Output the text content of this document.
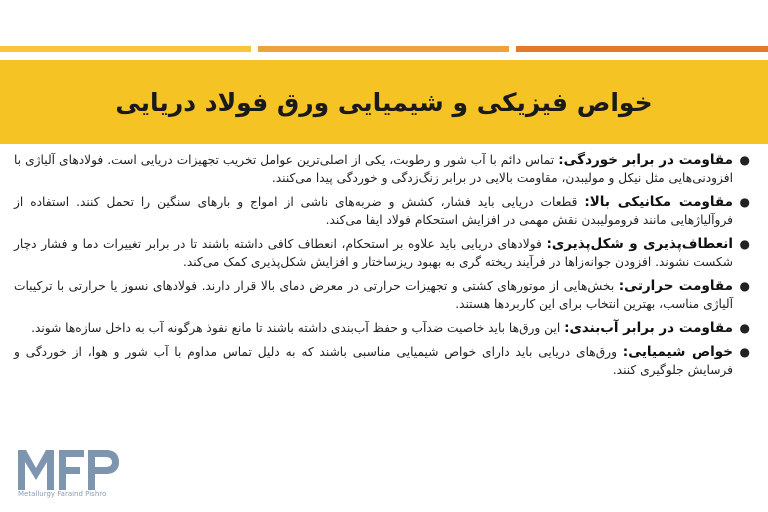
خواص فیزیکی و شیمیایی ورق فولاد دریایی

●
مقاومت در برابر خوردگی: تماس دائم با آب شور و رطوبت، یکی از اصلی‌ترین عوامل تخریب تجهیزات دریایی است. فولادهای آلیاژی با افزودنی‌هایی مثل نیکل و مولیبدن، مقاومت بالایی در برابر زنگ‌زدگی و خوردگی پیدا می‌کنند.

●
مقاومت مکانیکی بالا: قطعات دریایی باید فشار، کشش و ضربه‌های ناشی از امواج و بارهای سنگین را تحمل کنند. استفاده از فروآلیاژهایی مانند فرومولیبدن نقش مهمی در افزایش استحکام فولاد ایفا می‌کند.

●
انعطاف‌پذیری و شکل‌پذیری: فولادهای دریایی باید علاوه بر استحکام، انعطاف کافی داشته باشند تا در برابر تغییرات دما و فشار دچار شکست نشوند. افزودن جوانه‌زاها در فرآیند ریخته گری به بهبود ریزساختار و افزایش شکل‌پذیری کمک می‌کند.

●
مقاومت حرارتی: بخش‌هایی از موتورهای کشتی و تجهیزات حرارتی در معرض دمای بالا قرار دارند. فولادهای نسوز یا حرارتی با ترکیبات آلیاژی مناسب، بهترین انتخاب برای این کاربردها هستند.

●
مقاومت در برابر آب‌بندی: این ورق‌ها باید خاصیت ضدآب و حفظ آب‌بندی داشته باشند تا مانع نفوذ هرگونه آب به داخل سازه‌ها شوند.

●
خواص شیمیایی: ورق‌های دریایی باید دارای خواص شیمیایی مناسبی باشند که به دلیل تماس مداوم با آب شور و هوا، از خوردگی و فرسایش جلوگیری کنند.

Metallurgy Faraind Pishro
